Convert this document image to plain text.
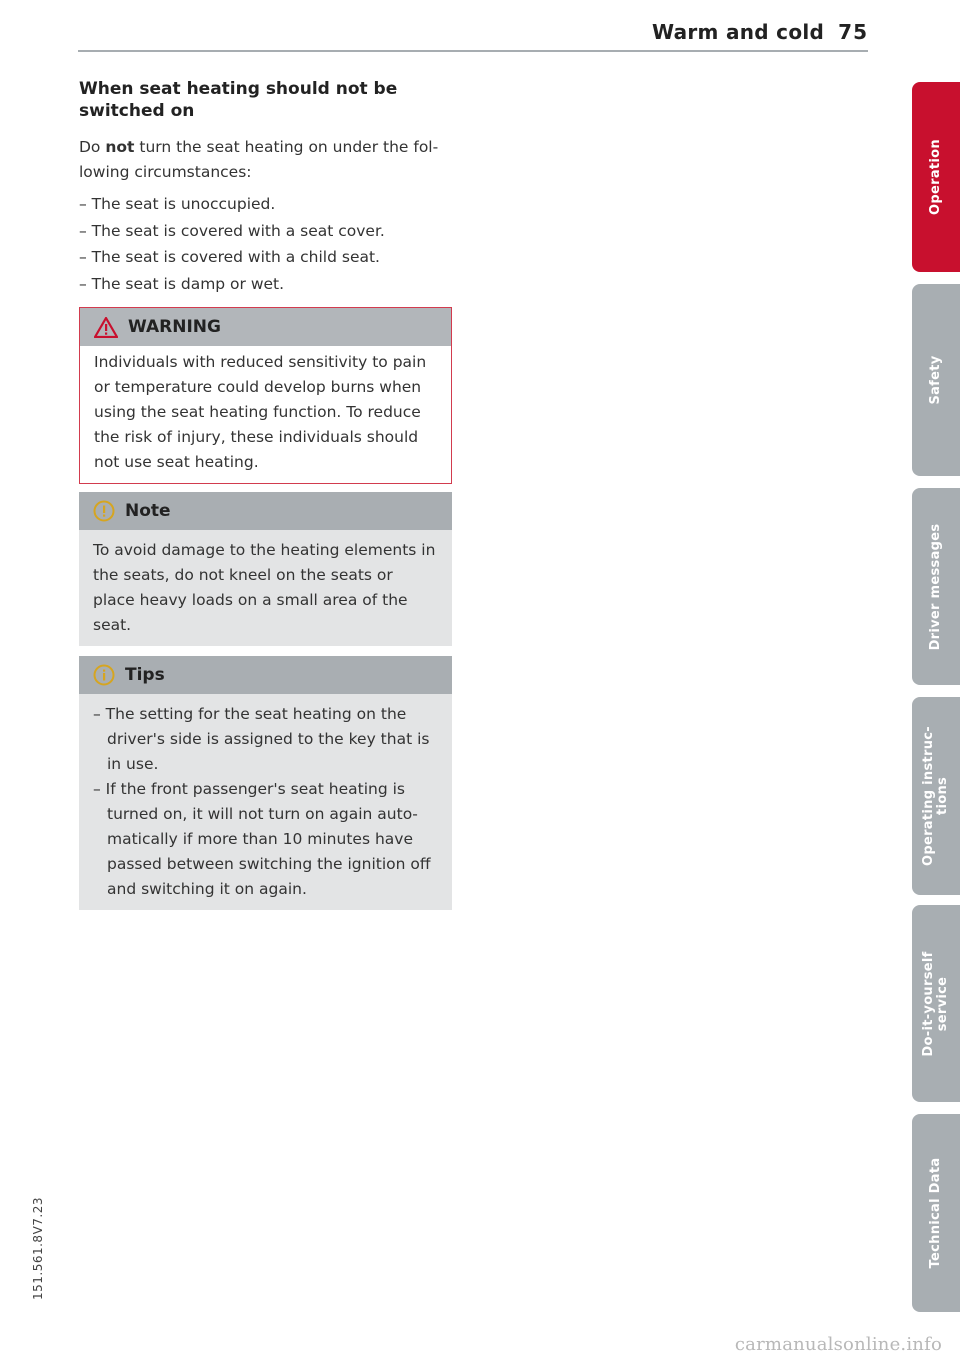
Warm and cold 75
When seat heating should not be switched on

Do not turn the seat heating on under the following circumstances:

– The seat is unoccupied.
– The seat is covered with a seat cover.
– The seat is covered with a child seat.
– The seat is damp or wet.
WARNING
Individuals with reduced sensitivity to pain or temperature could develop burns when using the seat heating function. To reduce the risk of injury, these individuals should not use seat heating.
Note
To avoid damage to the heating elements in the seats, do not kneel on the seats or place heavy loads on a small area of the seat.
Tips
– The setting for the seat heating on the driver's side is assigned to the key that is in use.
– If the front passenger's seat heating is turned on, it will not turn on again automatically if more than 10 minutes have passed between switching the ignition off and switching it on again.
Operation
Safety
Driver messages
Operating instruc-
tions
Do-it-yourself
service
Technical Data
151.561.8V7.23
carmanualsonline.info
